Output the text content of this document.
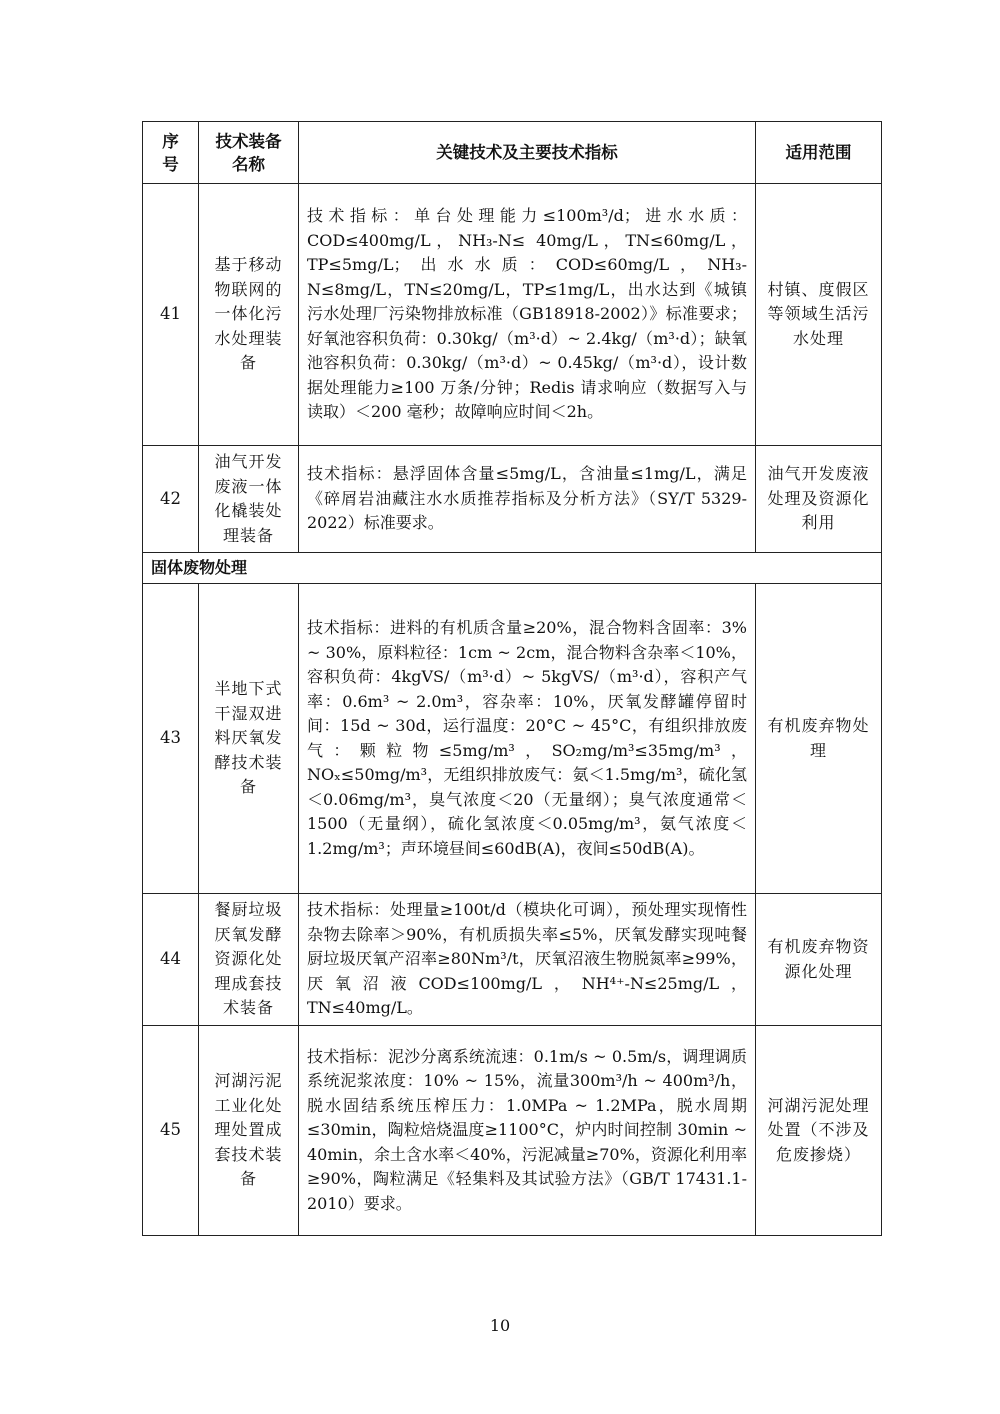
序号	技术装备名称	关键技术及主要技术指标	适用范围
41	基于移动物联网的一体化污水处理装备	技术指标：单台处理能力≤100m³/d；进水水质：COD≤400mg/L，NH₃-N≤ 40mg/L，TN≤60mg/L，TP≤5mg/L；出水水质：COD≤60mg/L，NH₃-N≤8mg/L，TN≤20mg/L，TP≤1mg/L，出水达到《城镇污水处理厂污染物排放标准（GB18918-2002）》标准要求；好氧池容积负荷：0.30kg/（m³·d）~ 2.4kg/（m³·d）；缺氧池容积负荷：0.30kg/（m³·d）~ 0.45kg/（m³·d），设计数据处理能力≥100 万条/分钟；Redis 请求响应（数据写入与读取）＜200 毫秒；故障响应时间＜2h。	村镇、度假区等领域生活污水处理
42	油气开发废液一体化橇装处理装备	技术指标：悬浮固体含量≤5mg/L，含油量≤1mg/L，满足《碎屑岩油藏注水水质推荐指标及分析方法》（SY/T 5329-2022）标准要求。	油气开发废液处理及资源化利用
固体废物处理			
43	半地下式干湿双进料厌氧发酵技术装备	技术指标：进料的有机质含量≥20%，混合物料含固率：3% ~ 30%，原料粒径：1cm ~ 2cm，混合物料含杂率＜10%，容积负荷：4kgVS/（m³·d）~ 5kgVS/（m³·d），容积产气率：0.6m³ ~ 2.0m³，容杂率：10%，厌氧发酵罐停留时间：15d ~ 30d，运行温度：20°C ~ 45°C，有组织排放废气：颗粒物≤5mg/m³，SO₂mg/m³≤35mg/m³，NOₓ≤50mg/m³，无组织排放废气：氨＜1.5mg/m³，硫化氢＜0.06mg/m³，臭气浓度＜20（无量纲）；臭气浓度通常＜1500（无量纲），硫化氢浓度＜0.05mg/m³，氨气浓度＜1.2mg/m³；声环境昼间≤60dB(A)，夜间≤50dB(A)。	有机废弃物处理
44	餐厨垃圾厌氧发酵资源化处理成套技术装备	技术指标：处理量≥100t/d（模块化可调），预处理实现惰性杂物去除率＞90%，有机质损失率≤5%，厌氧发酵实现吨餐厨垃圾厌氧产沼率≥80Nm³/t，厌氧沼液生物脱氮率≥99%，厌氧沼液COD≤100mg/L，NH⁴⁺-N≤25mg/L，TN≤40mg/L。	有机废弃物资源化处理
45	河湖污泥工业化处理处置成套技术装备	技术指标：泥沙分离系统流速：0.1m/s ~ 0.5m/s，调理调质系统泥浆浓度：10% ~ 15%，流量300m³/h ~ 400m³/h，脱水固结系统压榨压力：1.0MPa ~ 1.2MPa，脱水周期≤30min，陶粒焙烧温度≥1100°C，炉内时间控制 30min ~ 40min，余土含水率＜40%，污泥减量≥70%，资源化利用率≥90%，陶粒满足《轻集料及其试验方法》（GB/T 17431.1-2010）要求。	河湖污泥处理处置（不涉及危废掺烧）
10
